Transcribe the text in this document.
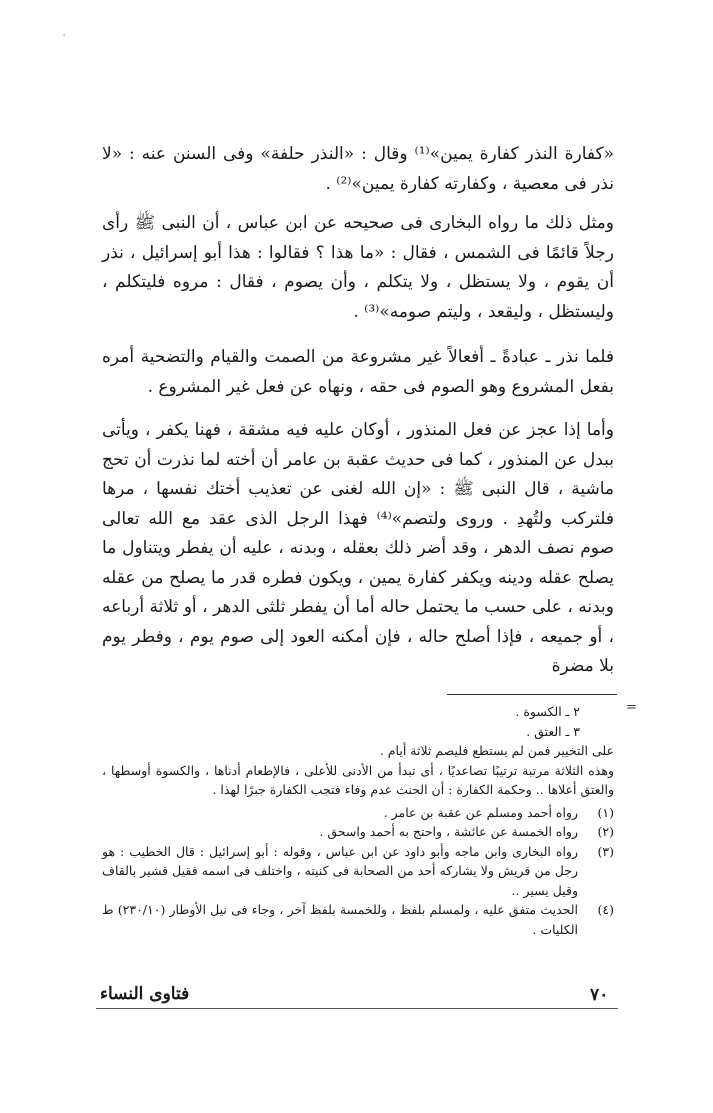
·

«كفارة النذر كفارة يمين»⁽¹⁾ وقال : «النذر حلفة» وفى السنن عنه : «لا نذر فى معصية ، وكفارته كفارة يمين»⁽²⁾ .

ومثل ذلك ما رواه البخارى فى صحيحه عن ابن عباس ، أن النبى ﷺ رأى رجلاً قائمًا فى الشمس ، فقال : «ما هذا ؟ فقالوا : هذا أبو إسرائيل ، نذر أن يقوم ، ولا يستظل ، ولا يتكلم ، وأن يصوم ، فقال : مروه فليتكلم ، وليستظل ، وليقعد ، وليتم صومه»⁽³⁾ .

فلما نذر ـ عبادةً ـ أفعالاً غير مشروعة من الصمت والقيام والتضحية أمره بفعل المشروع وهو الصوم فى حقه ، ونهاه عن فعل غير المشروع .

وأما إذا عجز عن فعل المنذور ، أوكان عليه فيه مشقة ، فهنا يكفر ، ويأتى ببدل عن المنذور ، كما فى حديث عقبة بن عامر أن أخته لما نذرت أن تحج ماشية ، قال النبى ﷺ : «إن الله لغنى عن تعذيب أختك نفسها ، مرها فلتركب ولتُهدِ . وروى ولتصم»⁽⁴⁾ فهذا الرجل الذى عقد مع الله تعالى صوم نصف الدهر ، وقد أضر ذلك بعقله ، وبدنه ، عليه أن يفطر ويتناول ما يصلح عقله ودينه ويكفر كفارة يمين ، ويكون فطره قدر ما يصلح من عقله وبدنه ، على حسب ما يحتمل حاله أما أن يفطر ثلثى الدهر ، أو ثلاثة أرباعه ، أو جميعه ، فإذا أصلح حاله ، فإن أمكنه العود إلى صوم يوم ، وفطر يوم بلا مضرة

=

٢ ـ الكسوة .

٣ ـ العتق .

على التخيير فمن لم يستطع فليصم ثلاثة أيام .

وهذه الثلاثة مرتبة ترتيبًا تصاعديًا ، أى تبدأ من الأدنى للأعلى ، فالإطعام أدناها ، والكسوة أوسطها ، والعتق أعلاها .. وحكمة الكفارة : أن الحنث عدم وفاء فتجب الكفارة جبرًا لهذا .

(١)
رواه أحمد ومسلم عن عقبة بن عامر .
(٢)
رواه الخمسة عن عائشة ، واحتج به أحمد واسحق .
(٣)
رواه البخارى وابن ماجه وأبو داود عن ابن عباس ، وقوله : أبو إسرائيل : قال الخطيب : هو رجل من قريش ولا يشاركه أحد من الصحابة فى كنيته ، واختلف فى اسمه فقيل قشير بالقاف وقيل يسير ..
(٤)
الحديث متفق عليه ، ولمسلم بلفظ ، وللخمسة بلفظ آخر ، وجاء فى نيل الأوطار (٢٣٠/١٠) ط الكليات .
٧٠
فتاوى النساء
